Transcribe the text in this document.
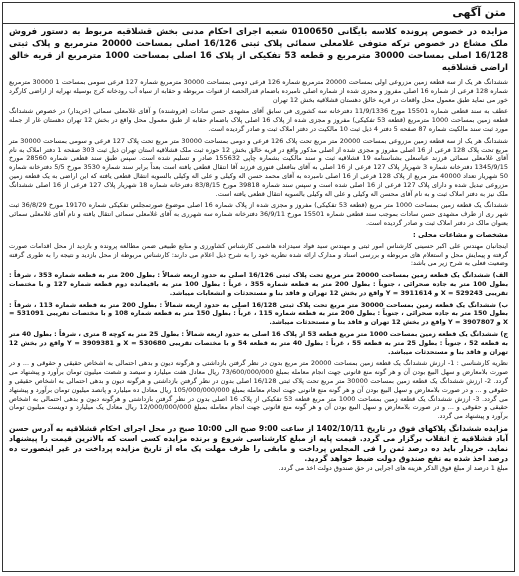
متن آگهی
مزایده در خصوص پرونده کلاسه بایگانی 0100650 شعبه اجرای احکام مدنی بخش قشلاقیه مربوط به دستور فروش ملک مشاع در خصوص ترکه متوفی غلامعلی سمائی پلاک ثبتی 16/126 اصلی بمساحت 20000 مترمربع و پلاک ثبتی 16/128 اصلی بمساحت 30000 مترمربع و قطعه 53 تفکیکی از پلاک 16 اصلی بمساحت 1000 مترمربع از قریه خالق اراضی قشلاقیه

ششدانگ هر یک از سه قطعه زمین مزروعی اولی بمساحت 20000 مترمربع شماره 126 فرعی دومی بمساحت 30000 مترمربع شماره 127 فرعی سومی بمساحت 1 30000 مترمربع شماره 128 فرعی از شماره 16 اصلی مفروز و مجزی شده از شماره اصلی نامبرده باضمام قدرالحصه از قنوات مربوطه و حقابه از سیاه آب رودخانه کرج بوسیله نهرایه از اراضی کارگرد خور می نماید طبق معمول محل واقعات در قریه خالق دهستان قشلاقیه بخش 12 تهران

عطف به سند قطعی شماره 15501 مورخ 11/9/1336 دفترخانه سه کشوری فی سابق آقای مشهدی حسن سادات (فروشنده) و آقای غلامعلی سمائی (خریدار) در خصوص ششدانگ قطعه زمین بمساحت 1000 مترمربع (قطعه 53 تفکیکی) مفروز و مجزی شده از پلاک 16 اصلی پلاک باضمام حقابه از طبق معمول محل واقع در بخش 12 تهران دهستان غار از جمله مورد ثبت سند مالکیت شماره 87 صفحه 5 دفتر 4 ذیل ثبت 10 مالکیت در دفتر املاک ثبت و صادر گردیده است.

ششدانگ هر یک از سه قطعه زمین مزروعی بمساحت 20000 متر مربع تحت پلاک 126 فرعی و دومی بمساحت 30000 متر مربع تحت پلاک 127 فرعی و سومی بمساحت 30000 متر مربع تحت پلاک 128 فرعی از 16 اصلی مفروز و مجزی شده از اصلی مذکور واقع در قریه خالق بخش 12 حوزه ثبت ملک قشلاقیه استان تهران ذیل ثبت 303 صفحه 1 دفتر املاک به نام آقای غلامعلی سمائی فرزند عباسعلی بشناسنامه 19 قشلاقیه ثبت و سند مالکیت بشماره چاپی 155632 صادر و تسلیم شده است. سپس طبق سند قطعی شماره 28560 مورخ 1345/9/15 دفترخانه شماره 3 شهریار پلاک 127 فرعی از 16 اصلی به آقای بنافعلی فنوری فرزند آقا انتقال قطعی یافته است بعداً برابر سند شماره 3530 مورخ 5/5 دفترخانه شماره 50 شهریار تعداد 40000 متر مربع از پلاک 128 فرعی از 16 اصلی نامبرده به آقای محمد حسن اله وکیلی و علی اله وکیلی بالسویه انتقال قطعی یافته که این اراضی به یک قطعه زمین مزروعی تبدیل شده و دارای پلاک 127 فرعی از 16 اصلی شده است و سپس سند شماره 39818 مورخ 83/8/15 دفترخانه شماره 18 شهریار پلاک 127 فرعی از 16 اصلی ششدانگ ملک نیز به دفتر املاک ثبت و به نام آقای محسن اله وکیلی و علی اله وکیلی بالسویه انتقال قطعی یافته است.

ششدانگ یک قطعه زمین بمساحت 1000 متر مربع (قطعه 53 تفکیکی) مفروز و مجزی شده از پلاک شماره 16 اصلی موضوع صورتمجلس تفکیکی شماره 19170 مورخ 36/8/29 ثبت شهر ری از طرف مشهدی حسن سادات بموجب سند قطعی شماره 15501 مورخ 36/9/11 دفترخانه شماره سه شهرری به آقای غلامعلی سمائی انتقال یافته و نام آقای غلامعلی سمائی بعنوان مالک در دفتر املاک ثبت و صادر گردیده است.

مشخصات و مشاعات محلی :

اینجانبان مهندس علی اکبر حسینی کارشناس امور ثبتی و مهندس سید فواد سیدزاده هاشمی کارشناس کشاورزی و منابع طبیعی ضمن مطالعه پرونده و بازدید از محل اقدامات صورت گرفته و پیمایش محل و استعلام های مربوطه و بررسی اسناد و مدارک ارائه شده نظریه خود را به شرح ذیل اعلام می دارند: کارشناس مربوطه از محل بازدید و نتیجه را به طوری گرفته وضعیت فعلی به شرح زیر می باشد:

الف) ششدانگ یک قطعه زمین بمساحت 20000 متر مربع تحت پلاک ثبتی 16/126 اصلی به حدود اربعه شمالاً : بطول 200 متر به قطعه شماره 353 ، شرقاً : بطول 100 متر به جاده صحرائی ، جنوباً : بطول 200 متر به قطعه شماره 355 ، غرباً : بطول 100 متر به باقیمانده دوم قطعه شماره 127 و با مختصات تقریبی 529243 = X و 3911614 = Y واقع در بخش 12 تهران و فاقد بنا و مستحدثات و انشعابات میباشد.

ب) ششدانگ یک قطعه زمین بمساحت 30000 متر مربع تحت پلاک ثبتی 16/128 اصلی به حدود اربعه شمالاً : بطول 200 متر به قطعه شماره 113 ، شرقاً : بطول 150 متر به جاده صحرائی ، جنوباً : بطول 200 متر به قطعه شماره 115 ، غرباً : بطول 150 متر به قطعه شماره 108 و با مختصات تقریبی 531091 = X و 3907807 = Y واقع در بخش 12 تهران و فاقد بنا و مستحدثات میباشد.

ج) ششدانگ یک قطعه زمین بمساحت 1000 متر مربع قطعه 53 از پلاک 16 اصلی به حدود اربعه شمالاً : بطول 25 متر به کوچه 8 متری ، شرقاً : بطول 40 متر به قطعه 52 ، جنوباً : بطول 25 متر به قطعه 55 ، غرباً : بطول 40 متر به قطعه 54 و با مختصات تقریبی 530680 = X و 3909381 = Y واقع در بخش 12 تهران و فاقد بنا و مستحدثات میباشد.

نظریه کارشناسی : 1- ارزش ششدانگ یک قطعه زمین بمساحت 20000 متر مربع بدون در نظر گرفتن بازداشتی و هرگونه دیون و بدهی احتمالی به اشخاص حقیقی و حقوقی و ... و در صورت بلامعارض و سهل البیع بودن آن و هر گونه منع قانونی جهت انجام معامله بمبلغ 73/600/000/000 ریال معادل هفت میلیارد و سیصد و شصت میلیون تومان برآورد و پیشنهاد می گردد. 2- ارزش ششدانگ یک قطعه زمین بمساحت 30000 متر مربع تحت پلاک ثبتی 16/128 اصلی بدون در نظر گرفتن بازداشتی و هرگونه دیون و بدهی احتمالی به اشخاص حقیقی و حقوقی و ... و در صورت بلامعارض و سهل البیع بودن آن و هر گونه منع قانونی جهت انجام معامله بمبلغ 105/000/000/000 ریال معادل ده میلیارد و پانصد میلیون تومان برآورد و پیشنهاد می گردد. 3- ارزش ششدانگ یک قطعه زمین بمساحت 1000 متر مربع قطعه 53 تفکیکی از پلاک 16 اصلی بدون در نظر گرفتن بازداشتی و هرگونه دیون و بدهی احتمالی به اشخاص حقیقی و حقوقی و ... و در صورت بلامعارض و سهل البیع بودن آن و هر گونه منع قانونی جهت انجام معامله بمبلغ 12/000/000/000 ریال معادل یک میلیارد و دویست میلیون تومان برآورد و پیشنهاد می گردد.

مزایده ششدانگ پلاکهای فوق در تاریخ 1402/10/11 از ساعت 9:00 صبح الی 10:00 صبح در محل اجرای احکام قشلاقیه به آدرس حسن آباد قشلاقیه خ انقلاب برگزار می گردد. قیمت پایه از مبلغ کارشناسی شروع و برنده مزایده کسی است که بالاترین قیمت را پیشنهاد نماید. خریدار باید ده درصد ثمن را فی المجلس پرداخت و مابقی را ظرف مهلت یک ماه از تاریخ مزایده پرداخت در غیر اینصورت ده درصد اخذ شده به نفع صندوق دولت ضبط خواهد گردید.

مبلغ 1 درصد از مبلغ فوق الذکر هزینه های اجرایی در حق صندوق دولت اخذ می گردد.
